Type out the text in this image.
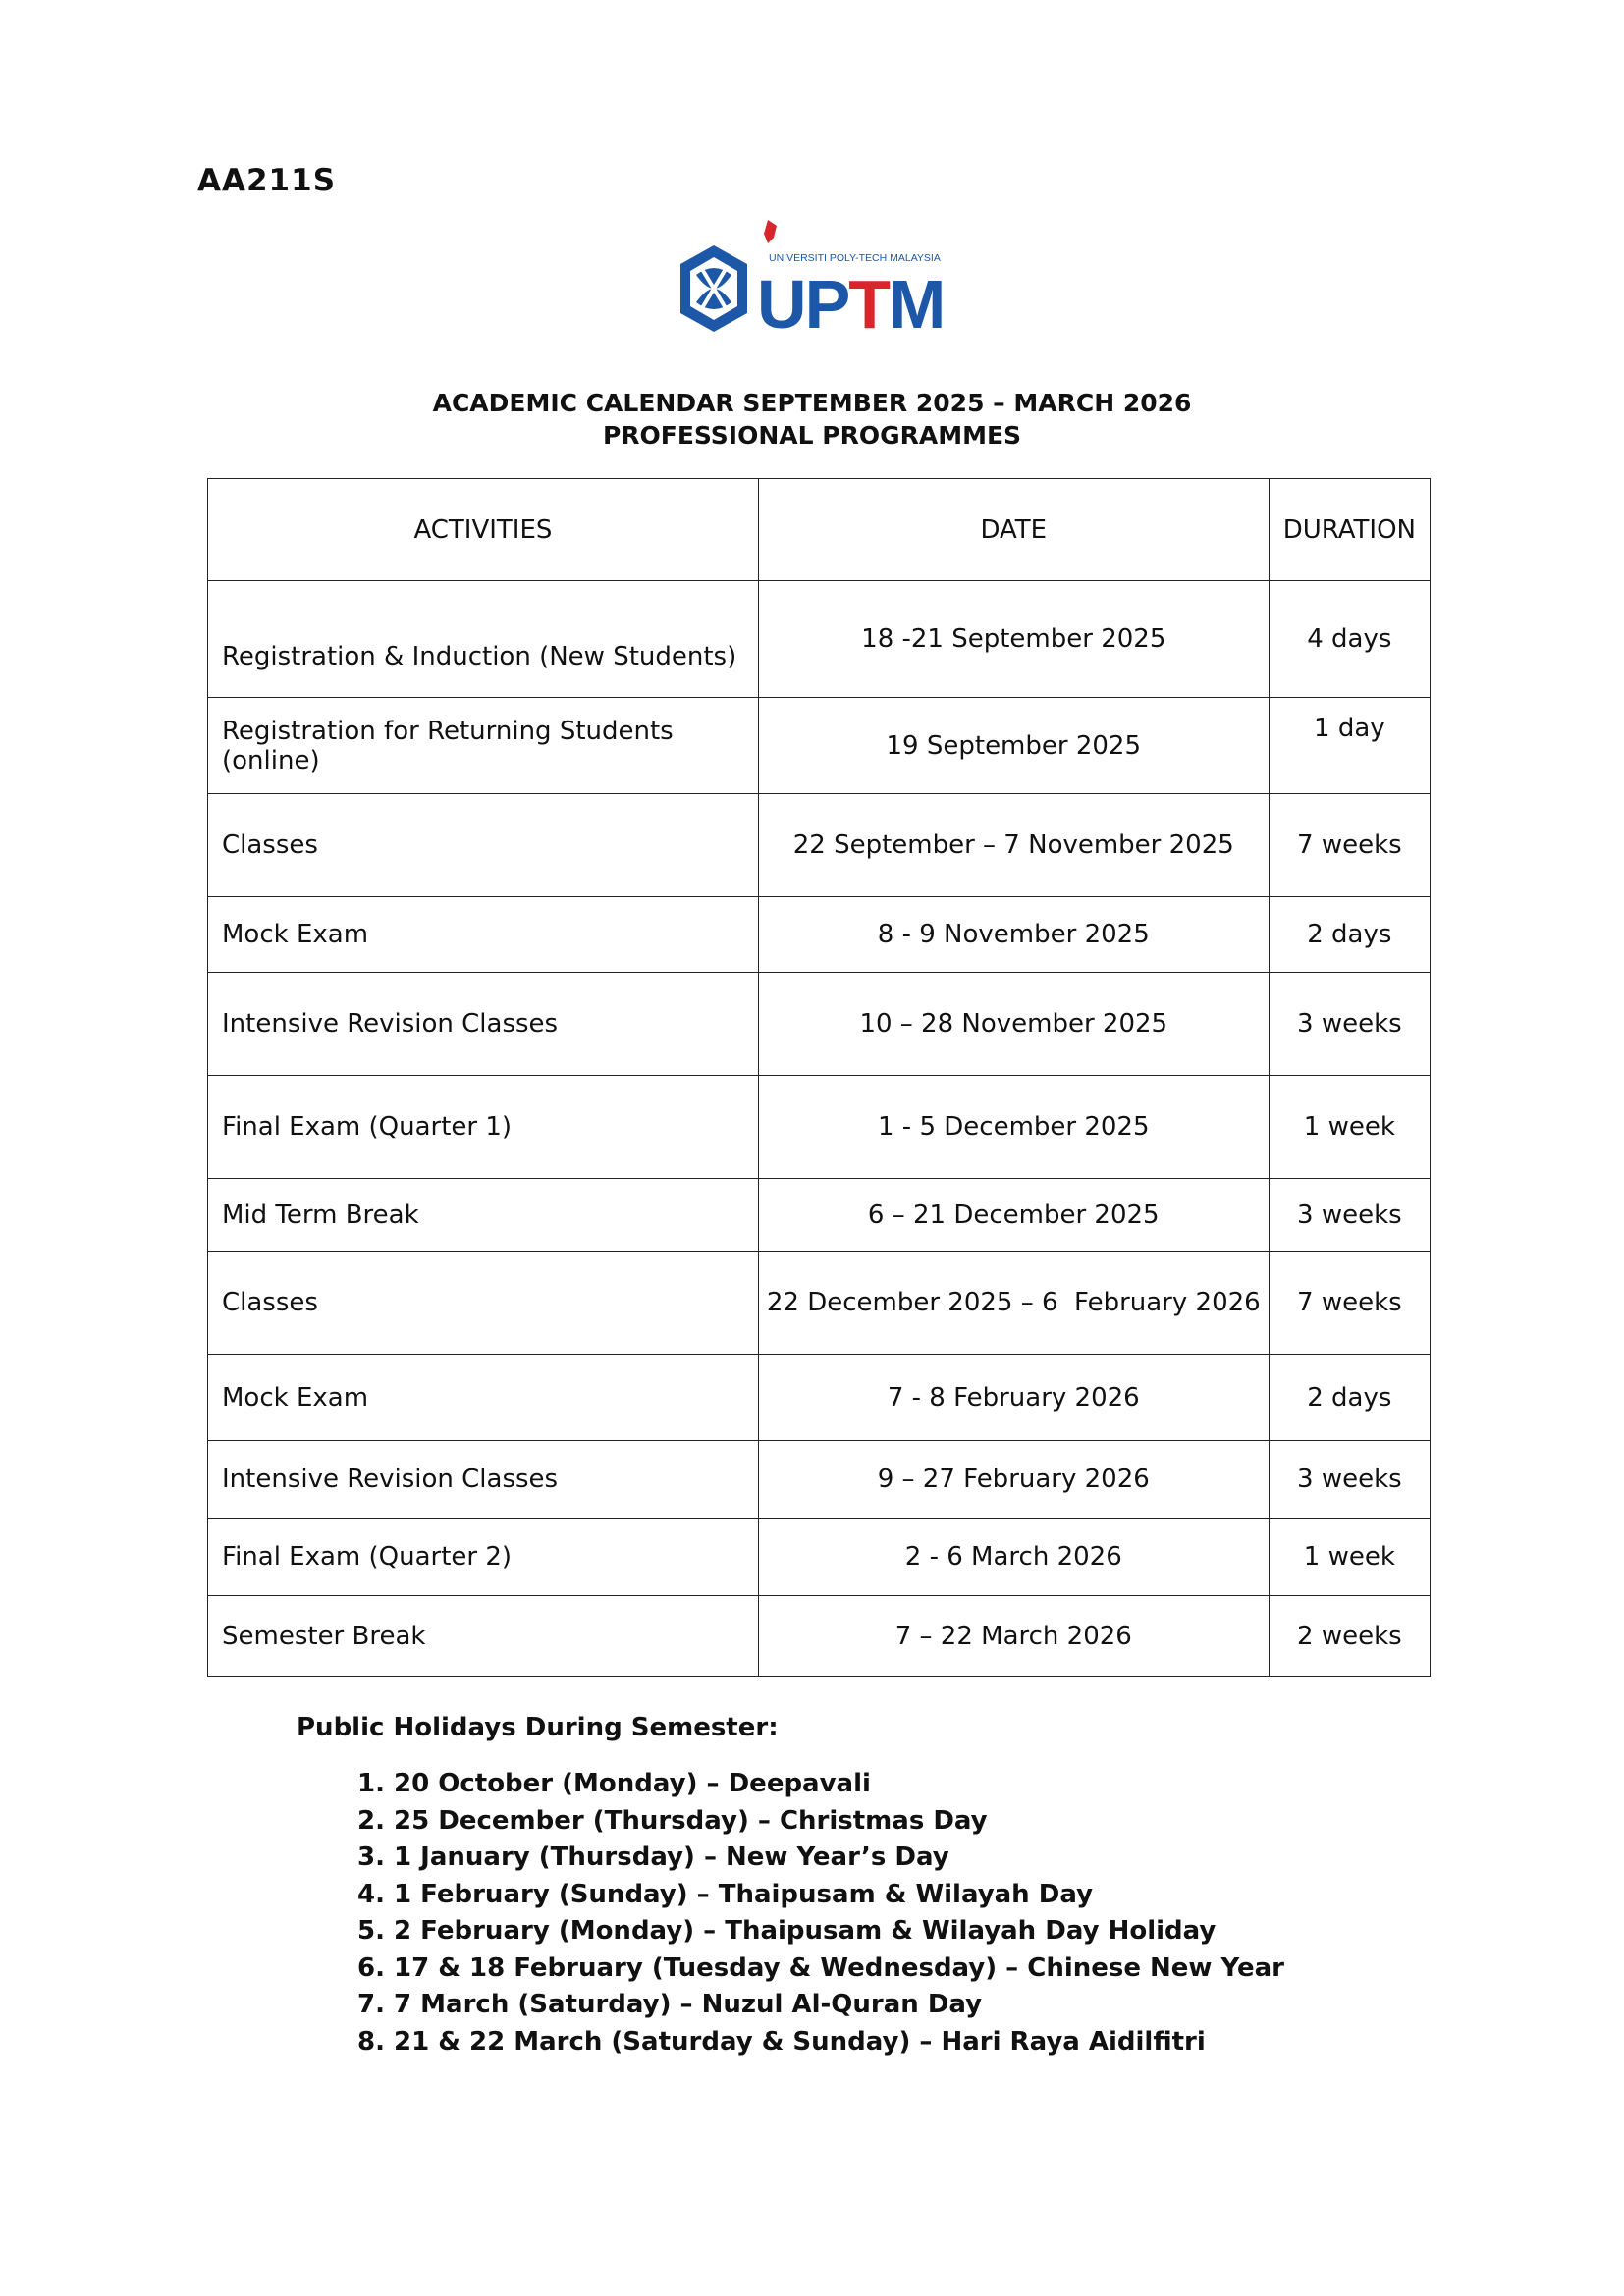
AA211S
UNIVERSITI POLY-TECH MALAYSIA
UPTM
ACADEMIC CALENDAR SEPTEMBER 2025 – MARCH 2026
PROFESSIONAL PROGRAMMES
ACTIVITIES	DATE	DURATION
Registration & Induction (New Students)	18 -21 September 2025	4 days
Registration for Returning Students (online)	19 September 2025	1 day
Classes	22 September – 7 November 2025	7 weeks
Mock Exam	8 - 9 November 2025	2 days
Intensive Revision Classes	10 – 28 November 2025	3 weeks
Final Exam (Quarter 1)	1 - 5 December 2025	1 week
Mid Term Break	6 – 21 December 2025	3 weeks
Classes	22 December 2025 – 6  February 2026	7 weeks
Mock Exam	7 - 8 February 2026	2 days
Intensive Revision Classes	9 – 27 February 2026	3 weeks
Final Exam (Quarter 2)	2 - 6 March 2026	1 week
Semester Break	7 – 22 March 2026	2 weeks
Public Holidays During Semester:
1. 20 October (Monday) – Deepavali
2. 25 December (Thursday) – Christmas Day
3. 1 January (Thursday) – New Year’s Day
4. 1 February (Sunday) – Thaipusam & Wilayah Day
5. 2 February (Monday) – Thaipusam & Wilayah Day Holiday
6. 17 & 18 February (Tuesday & Wednesday) – Chinese New Year
7. 7 March (Saturday) – Nuzul Al-Quran Day
8. 21 & 22 March (Saturday & Sunday) – Hari Raya Aidilfitri
